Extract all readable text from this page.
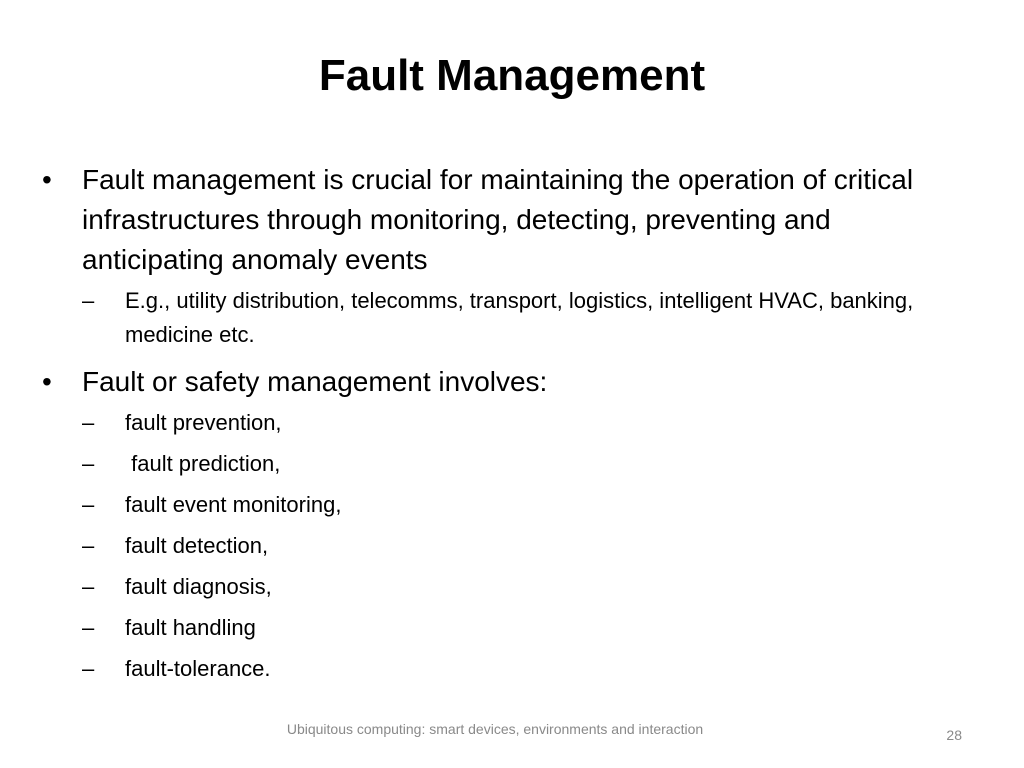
Fault Management
•	Fault management is crucial for maintaining the operation of critical infrastructures through monitoring, detecting, preventing and anticipating anomaly events
–	E.g., utility distribution, telecomms, transport, logistics, intelligent HVAC, banking, medicine etc.
•	Fault or safety management involves:
–	fault prevention,
–	fault prediction,
–	fault event monitoring,
–	fault detection,
–	fault diagnosis,
–	fault handling
–	fault-tolerance.
Ubiquitous computing: smart devices, environments and interaction	28
